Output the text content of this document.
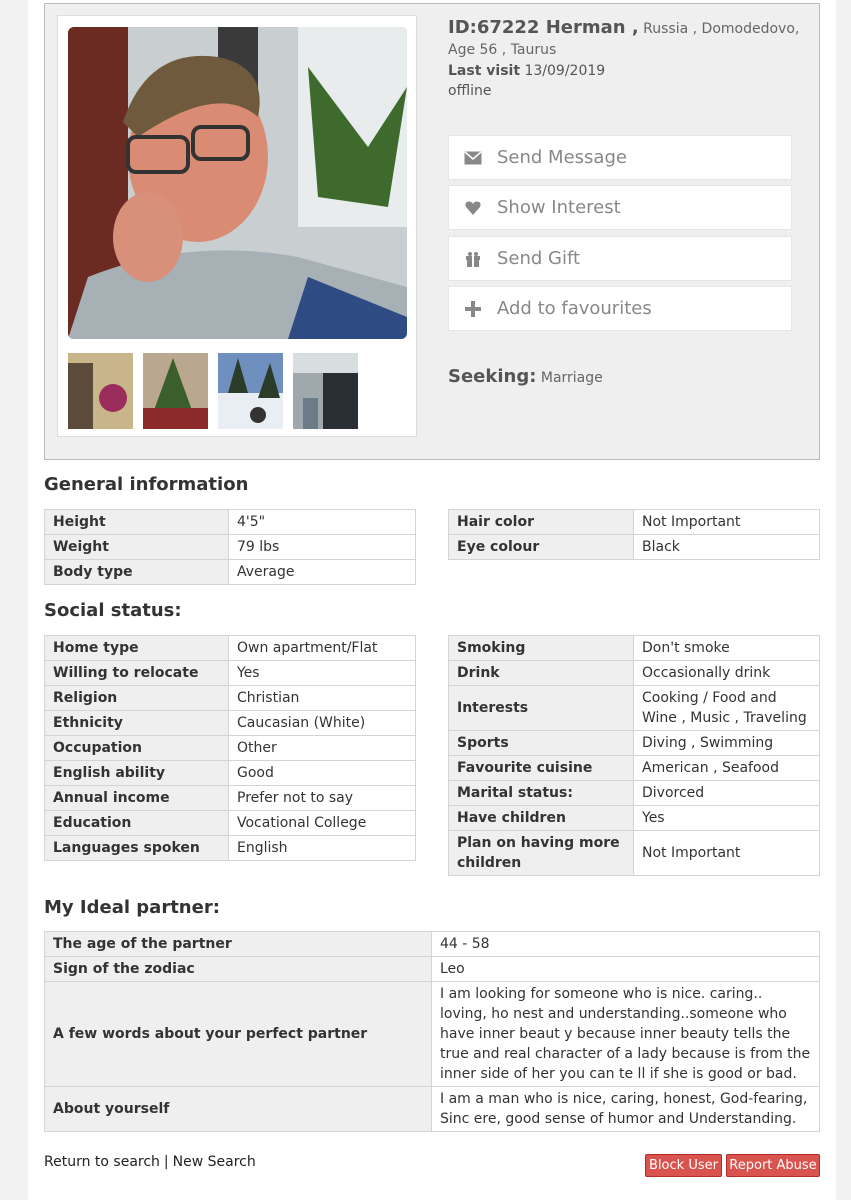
ID:67222 Herman , Russia , Domodedovo, Age 56 , Taurus
Last visit 13/09/2019
offline
Send Message
Show Interest
Send Gift
Add to favourites
Seeking: Marriage
General information
Height	4'5"
Weight	79 lbs
Body type	Average
Hair color	Not Important
Eye colour	Black
Social status:
Home type	Own apartment/Flat
Willing to relocate	Yes
Religion	Christian
Ethnicity	Caucasian (White)
Occupation	Other
English ability	Good
Annual income	Prefer not to say
Education	Vocational College
Languages spoken	English
Smoking	Don't smoke
Drink	Occasionally drink
Interests	Cooking / Food and Wine , Music , Traveling
Sports	Diving , Swimming
Favourite cuisine	American , Seafood
Marital status:	Divorced
Have children	Yes
Plan on having more children	Not Important
My Ideal partner:
The age of the partner	44 - 58
Sign of the zodiac	Leo
A few words about your perfect partner	I am looking for someone who is nice. caring.. loving, ho nest and understanding..someone who have inner beaut y because inner beauty tells the true and real character of a lady because is from the inner side of her you can te ll if she is good or bad.
About yourself	I am a man who is nice, caring, honest, God-fearing, Sinc ere, good sense of humor and Understanding.
Return to search | New Search	Block User Report Abuse
